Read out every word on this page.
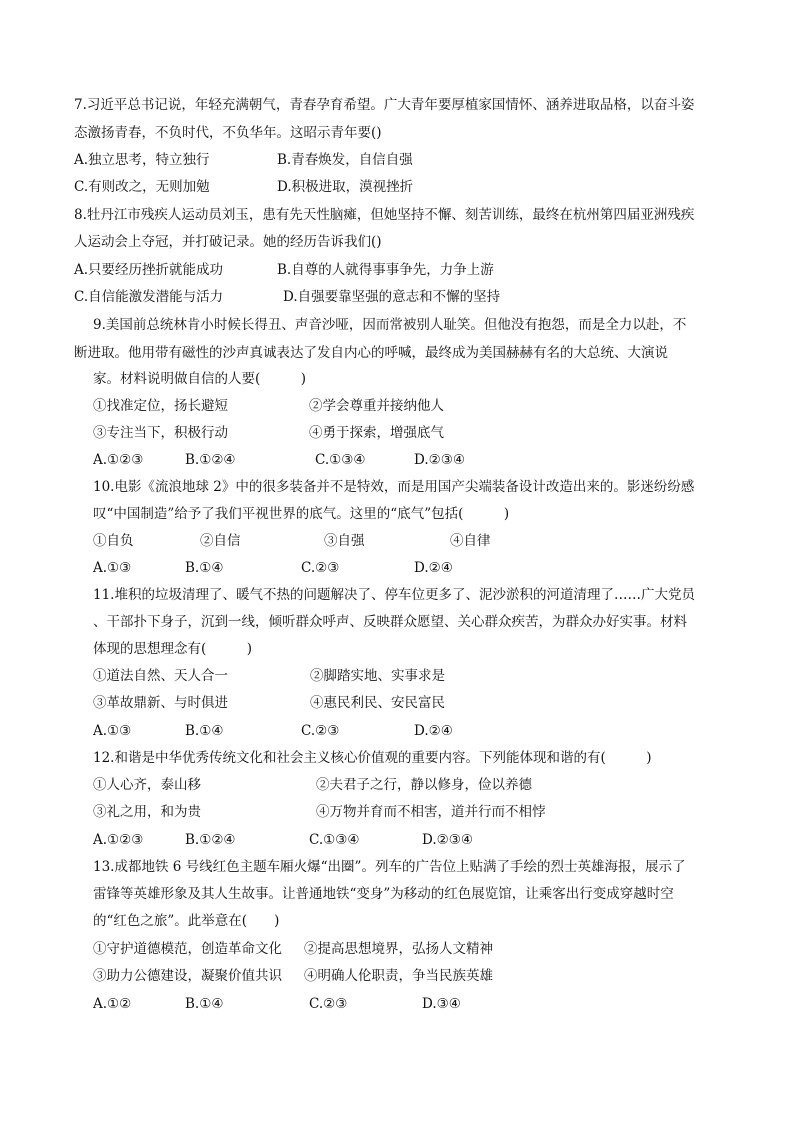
7.习近平总书记说，年轻充满朝气，青春孕育希望。广大青年要厚植家国情怀、涵养进取品格，以奋斗姿
态激扬青春，不负时代，不负华年。这昭示青年要()
A.独立思考，特立独行	B.青春焕发，自信自强
C.有则改之，无则加勉	D.积极进取，漠视挫折
8.牡丹江市残疾人运动员刘玉，患有先天性脑瘫，但她坚持不懈、刻苦训练，最终在杭州第四届亚洲残疾
人运动会上夺冠，并打破记录。她的经历告诉我们()
A.只要经历挫折就能成功	B.自尊的人就得事事争先，力争上游
C.自信能激发潜能与活力	D.自强要靠坚强的意志和不懈的坚持
9.美国前总统林肯小时候长得丑、声音沙哑，因而常被别人耻笑。但他没有抱怨，而是全力以赴，不
断进取。他用带有磁性的沙声真诚表达了发自内心的呼喊，最终成为美国赫赫有名的大总统、大演说
家。材料说明做自信的人要(　　　)
①找准定位，扬长避短	②学会尊重并接纳他人
③专注当下，积极行动	④勇于探索，增强底气
A.①②③	B.①②④	C.①③④	D.②③④
10.电影《流浪地球 2》中的很多装备并不是特效，而是用国产尖端装备设计改造出来的。影迷纷纷感
叹“中国制造”给予了我们平视世界的底气。这里的“底气”包括(　　　)
①自负	②自信	③自强	④自律
A.①③	B.①④	C.②③	D.②④
11.堆积的垃圾清理了、暖气不热的问题解决了、停车位更多了、泥沙淤积的河道清理了……广大党员
、干部扑下身子，沉到一线，倾听群众呼声、反映群众愿望、关心群众疾苦，为群众办好实事。材料
体现的思想理念有(　　　)
①道法自然、天人合一	②脚踏实地、实事求是
③革故鼎新、与时俱进	④惠民利民、安民富民
A.①③	B.①④	C.②③	D.②④
12.和谐是中华优秀传统文化和社会主义核心价值观的重要内容。下列能体现和谐的有(　　　)
①人心齐，泰山移	②夫君子之行，静以修身，俭以养德
③礼之用，和为贵	④万物并育而不相害，道并行而不相悖
A.①②③	B.①②④	C.①③④	D.②③④
13.成都地铁 6 号线红色主题车厢火爆“出圈”。列车的广告位上贴满了手绘的烈士英雄海报，展示了
雷锋等英雄形象及其人生故事。让普通地铁“变身”为移动的红色展览馆，让乘客出行变成穿越时空
的“红色之旅”。此举意在(　　)
①守护道德模范，创造革命文化 ②提高思想境界，弘扬人文精神
③助力公德建设，凝聚价值共识 ④明确人伦职责，争当民族英雄
A.①②	B.①④	C.②③	D.③④
